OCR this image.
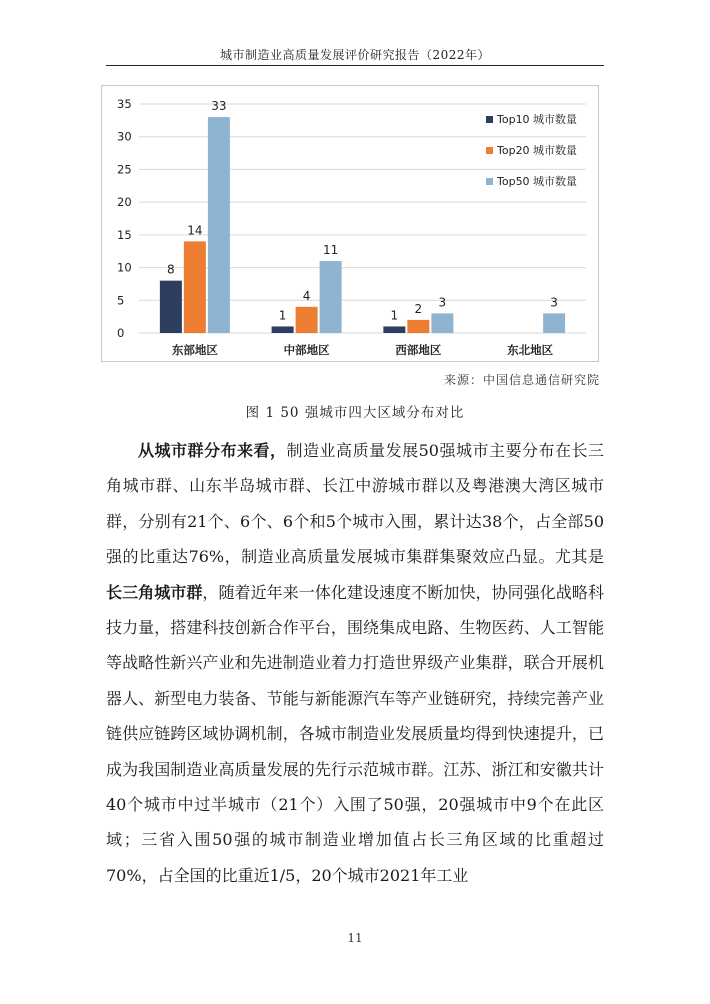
城市制造业高质量发展评价研究报告（2022年）
0
5
10
15
20
25
30
35
8
14
33
东部地区
1
4
11
中部地区
1 2 3
西部地区
3
东北地区
Top10 城市数量
Top20 城市数量
Top50 城市数量
来源：中国信息通信研究院
图 1 50 强城市四大区域分布对比

从城市群分布来看，制造业高质量发展50强城市主要分布在长三角城市群、山东半岛城市群、长江中游城市群以及粤港澳大湾区城市群，分别有21个、6个、6个和5个城市入围，累计达38个，占全部50强的比重达76%，制造业高质量发展城市集群集聚效应凸显。尤其是长三角城市群，随着近年来一体化建设速度不断加快，协同强化战略科技力量，搭建科技创新合作平台，围绕集成电路、生物医药、人工智能等战略性新兴产业和先进制造业着力打造世界级产业集群，联合开展机器人、新型电力装备、节能与新能源汽车等产业链研究，持续完善产业链供应链跨区域协调机制，各城市制造业发展质量均得到快速提升，已成为我国制造业高质量发展的先行示范城市群。江苏、浙江和安徽共计40个城市中过半城市（21个）入围了50强，20强城市中9个在此区域；三省入围50强的城市制造业增加值占长三角区域的比重超过70%，占全国的比重近1/5，20个城市2021年工业

11
